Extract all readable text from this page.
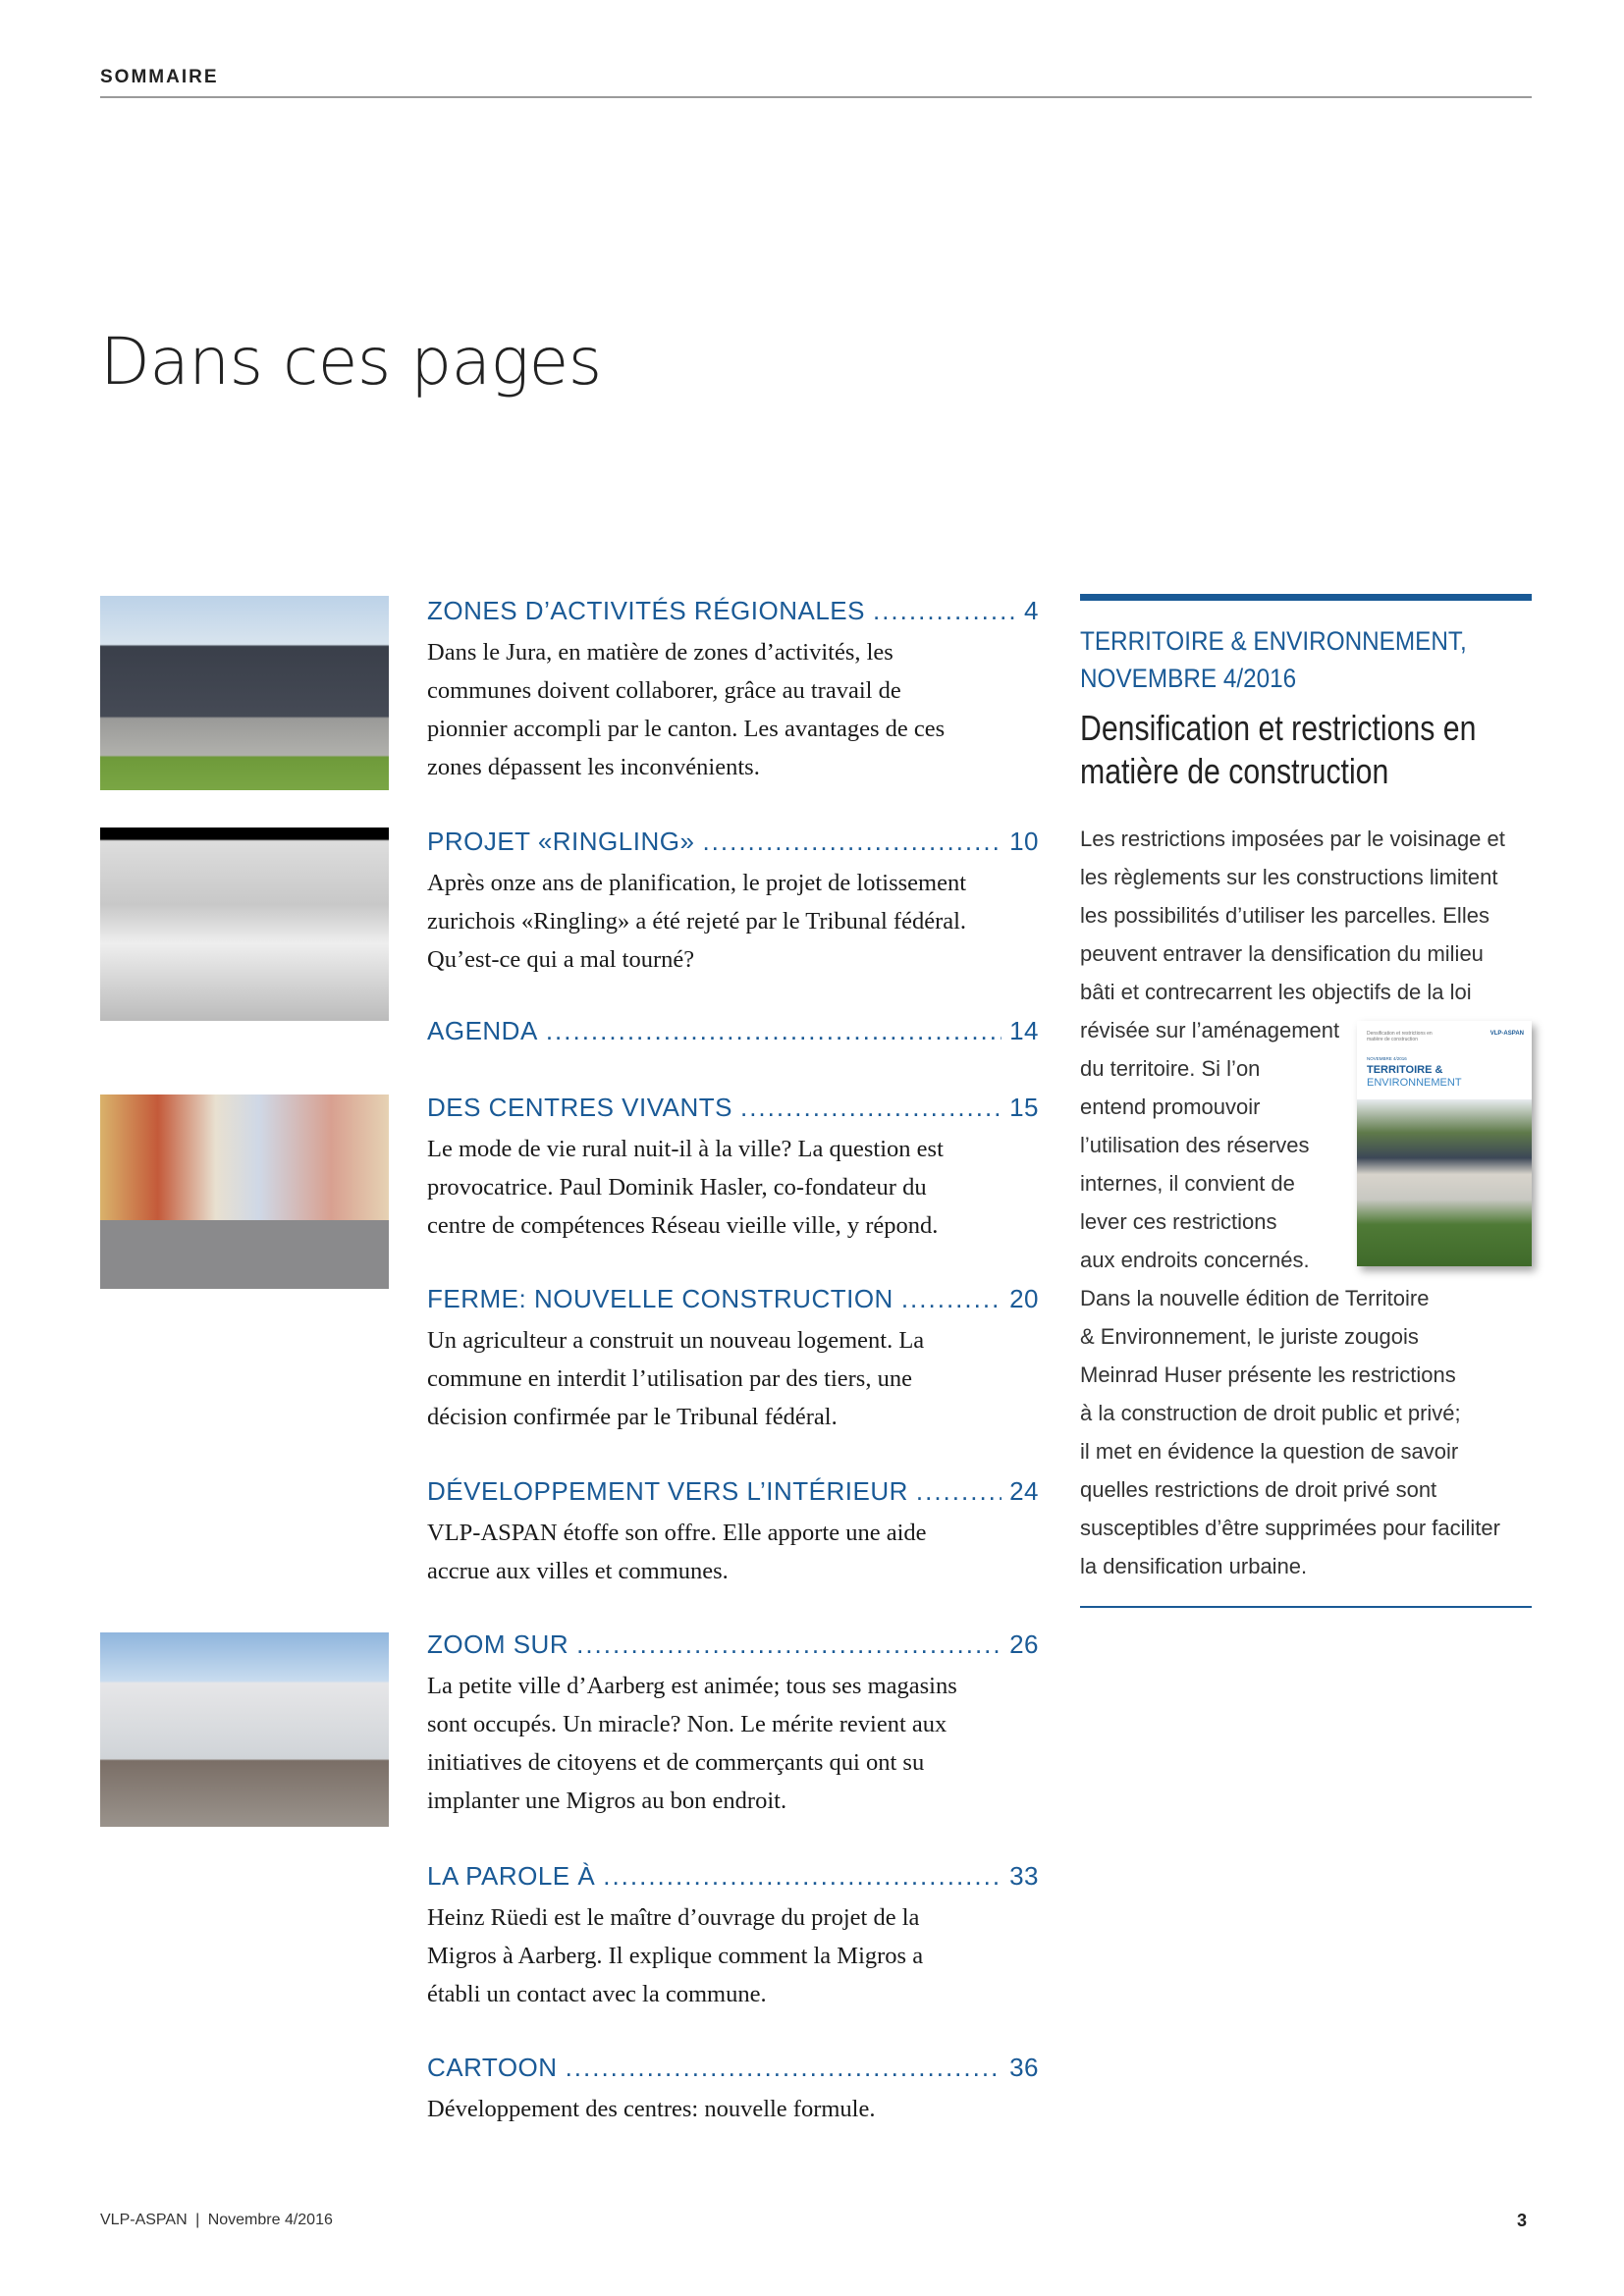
SOMMAIRE
Dans ces pages
ZONES D’ACTIVITÉS RÉGIONALES .....	4
Dans le Jura, en matière de zones d’activités, les
communes doivent collaborer, grâce au travail de
pionnier accompli par le canton. Les avantages de ces
zones dépassent les inconvénients.
PROJET «RINGLING» .....	10
Après onze ans de planification, le projet de lotissement
zurichois «Ringling» a été rejeté par le Tribunal fédéral.
Qu’est-ce qui a mal tourné?
AGENDA .....	14
DES CENTRES VIVANTS .....	15
Le mode de vie rural nuit-il à la ville? La question est
provocatrice. Paul Dominik Hasler, co-fondateur du
centre de compétences Réseau vieille ville, y répond.
FERME: NOUVELLE CONSTRUCTION .....	20
Un agriculteur a construit un nouveau logement. La
commune en interdit l’utilisation par des tiers, une
décision confirmée par le Tribunal fédéral.
DÉVELOPPEMENT VERS L’INTÉRIEUR .....	24
VLP-ASPAN étoffe son offre. Elle apporte une aide
accrue aux villes et communes.
ZOOM SUR .....	26
La petite ville d’Aarberg est animée; tous ses magasins
sont occupés. Un miracle? Non. Le mérite revient aux
initiatives de citoyens et de commerçants qui ont su
implanter une Migros au bon endroit.
LA PAROLE À .....	33
Heinz Rüedi est le maître d’ouvrage du projet de la
Migros à Aarberg. Il explique comment la Migros a
établi un contact avec la commune.
CARTOON .....	36
Développement des centres: nouvelle formule.
TERRITOIRE & ENVIRONNEMENT,
NOVEMBRE 4/2016
Densification et restrictions en
matière de construction
Les restrictions imposées par le voisinage et
les règlements sur les constructions limitent
les possibilités d’utiliser les parcelles. Elles
peuvent entraver la densification du milieu
bâti et contrecarrent les objectifs de la loi
révisée sur l’aménagement
du territoire. Si l’on
entend promouvoir
l’utilisation des réserves
internes, il convient de
lever ces restrictions
aux endroits concernés.
Dans la nouvelle édition de Territoire
& Environnement, le juriste zougois
Meinrad Huser présente les restrictions
à la construction de droit public et privé;
il met en évidence la question de savoir
quelles restrictions de droit privé sont
susceptibles d’être supprimées pour faciliter
la densification urbaine.
Densification et restrictions en matière de construction
VLP-ASPAN
NOVEMBRE 4/2016
TERRITOIRE &
ENVIRONNEMENT
VLP-ASPAN | Novembre 4/2016	3
